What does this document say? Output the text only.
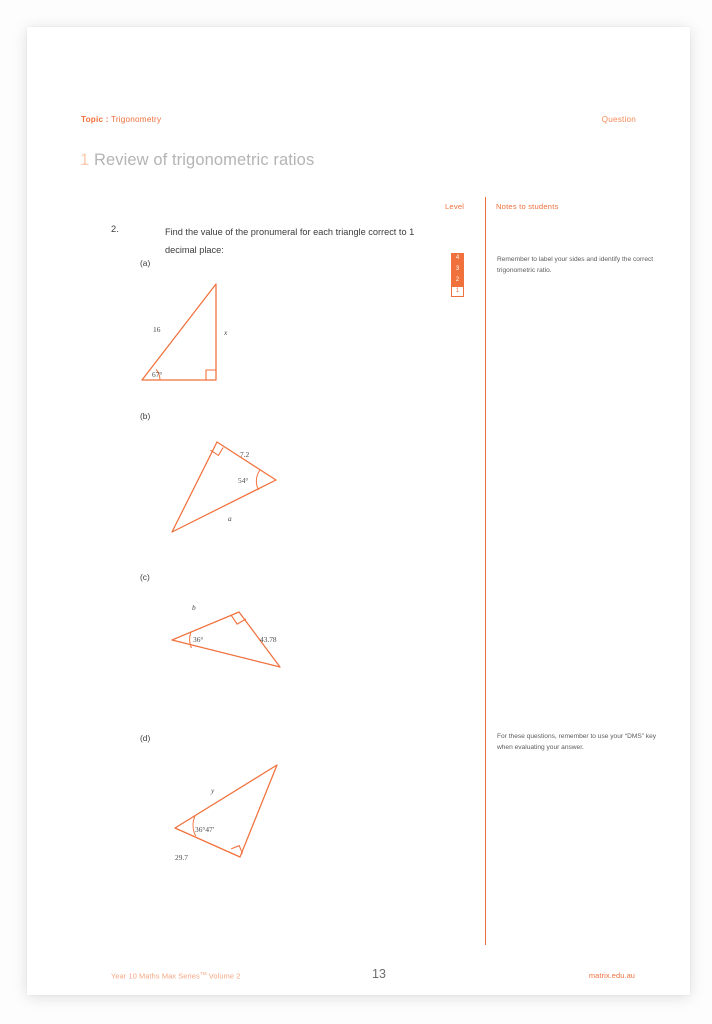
Topic : Trigonometry	Question
1 Review of trigonometric ratios
Level	Notes to students
4
3
2
1
Remember to label your sides and identify the correct trigonometric ratio.
For these questions, remember to use your “DMS” key when evaluating your answer.
2.	Find the value of the pronumeral for each triangle correct to 1 decimal place:
(a)
(b)
(c)
(d)
16	x
67°
7.2
54°
a
b
36°	43.78
y
36°47'
29.7
Year 10 Maths Max Series™ Volume 2	13	matrix.edu.au
